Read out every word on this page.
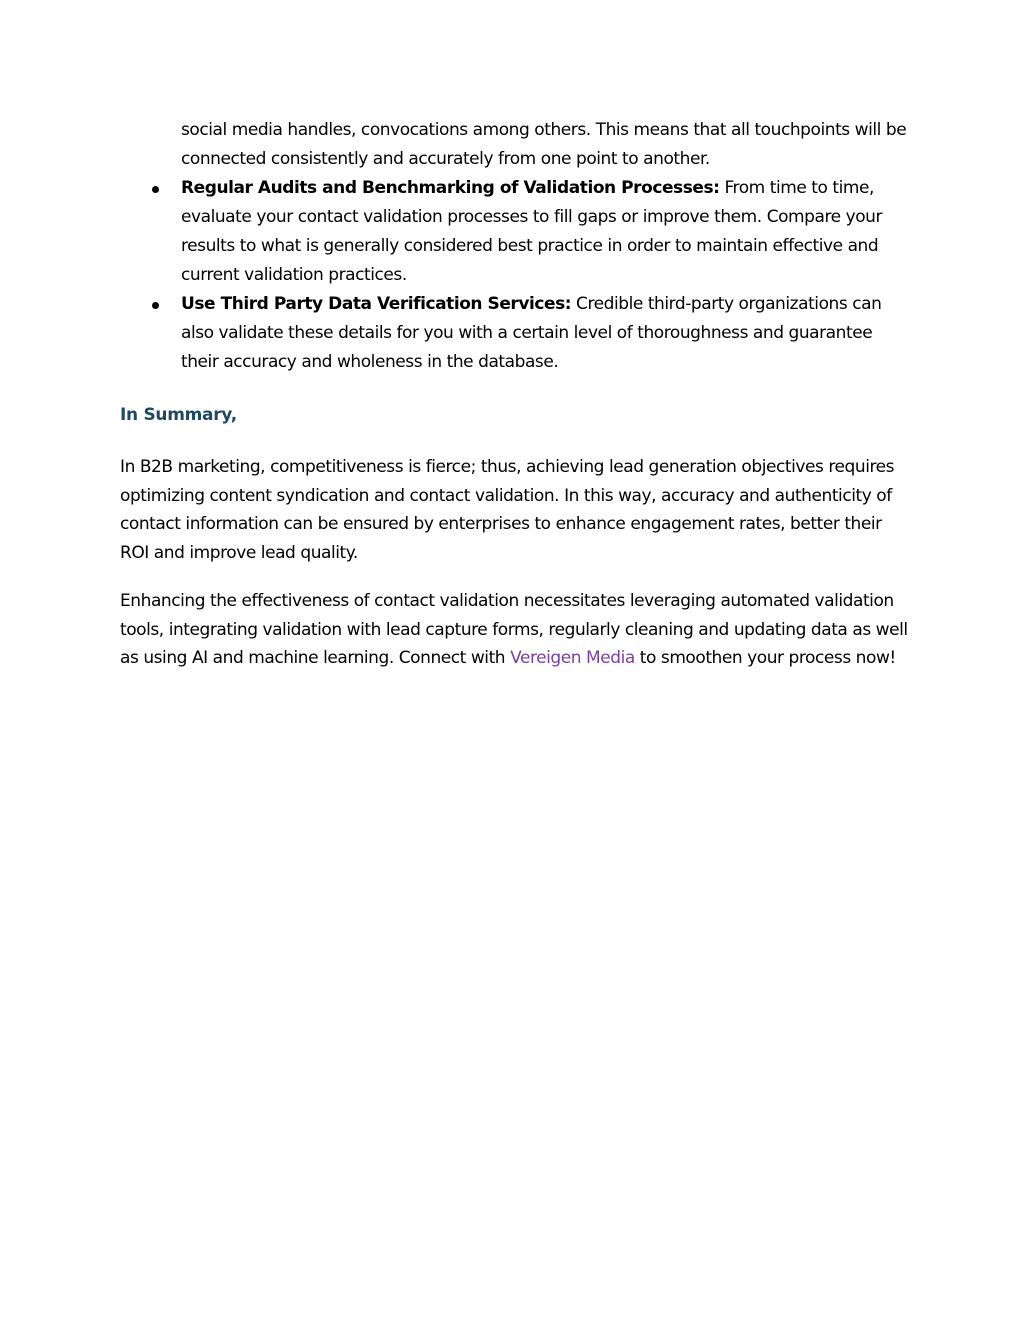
social media handles, convocations among others. This means that all touchpoints will be connected consistently and accurately from one point to another.

Regular Audits and Benchmarking of Validation Processes: From time to time, evaluate your contact validation processes to fill gaps or improve them. Compare your results to what is generally considered best practice in order to maintain effective and current validation practices.
Use Third Party Data Verification Services: Credible third-party organizations can also validate these details for you with a certain level of thoroughness and guarantee their accuracy and wholeness in the database.
In Summary,

In B2B marketing, competitiveness is fierce; thus, achieving lead generation objectives requires optimizing content syndication and contact validation. In this way, accuracy and authenticity of contact information can be ensured by enterprises to enhance engagement rates, better their ROI and improve lead quality.

Enhancing the effectiveness of contact validation necessitates leveraging automated validation tools, integrating validation with lead capture forms, regularly cleaning and updating data as well as using AI and machine learning. Connect with Vereigen Media to smoothen your process now!
